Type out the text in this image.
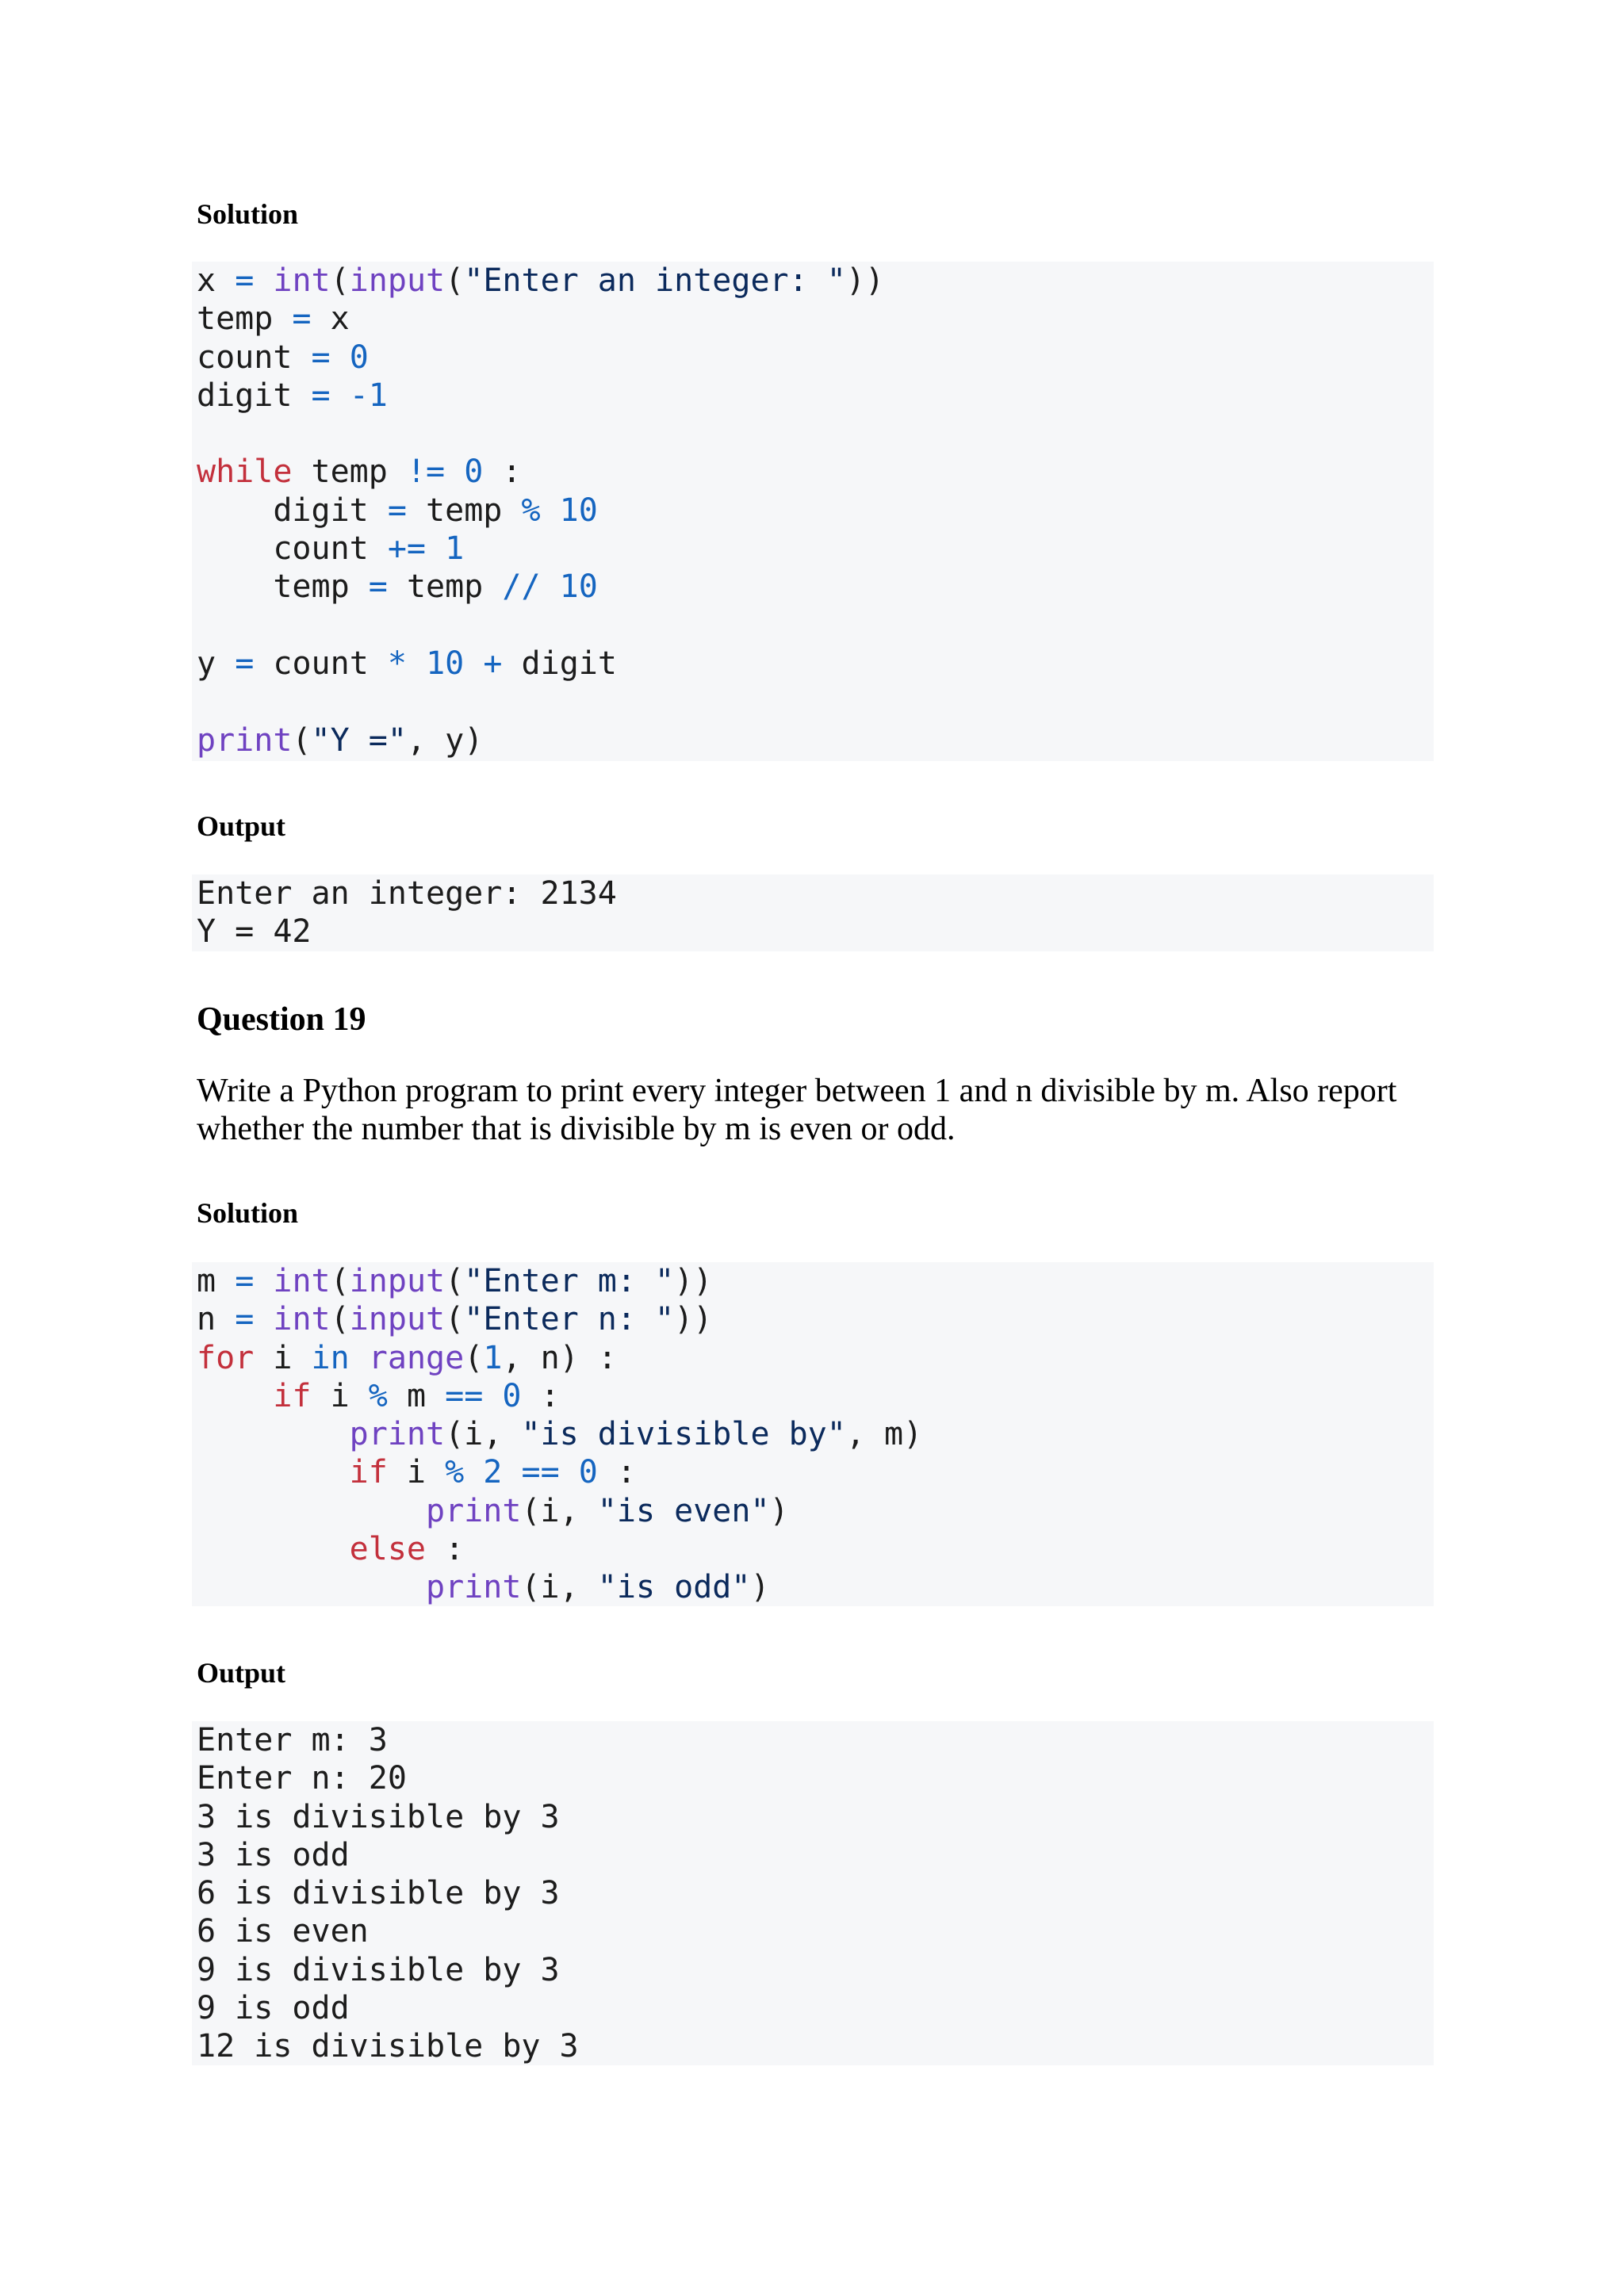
Solution

x = int(input("Enter an integer: "))
temp = x
count = 0
digit = -1
while temp != 0 :
digit = temp % 10
count += 1
temp = temp // 10
y = count * 10 + digit
print("Y =", y)

Output

Enter an integer: 2134
Y = 42

Question 19

Write a Python program to print every integer between 1 and n divisible by m. Also report whether the number that is divisible by m is even or odd.

Solution

m = int(input("Enter m: "))
n = int(input("Enter n: "))
for i in range(1, n) :
if i % m == 0 :
print(i, "is divisible by", m)
if i % 2 == 0 :
print(i, "is even")
else :
print(i, "is odd")

Output

Enter m: 3
Enter n: 20
3 is divisible by 3
3 is odd
6 is divisible by 3
6 is even
9 is divisible by 3
9 is odd
12 is divisible by 3
